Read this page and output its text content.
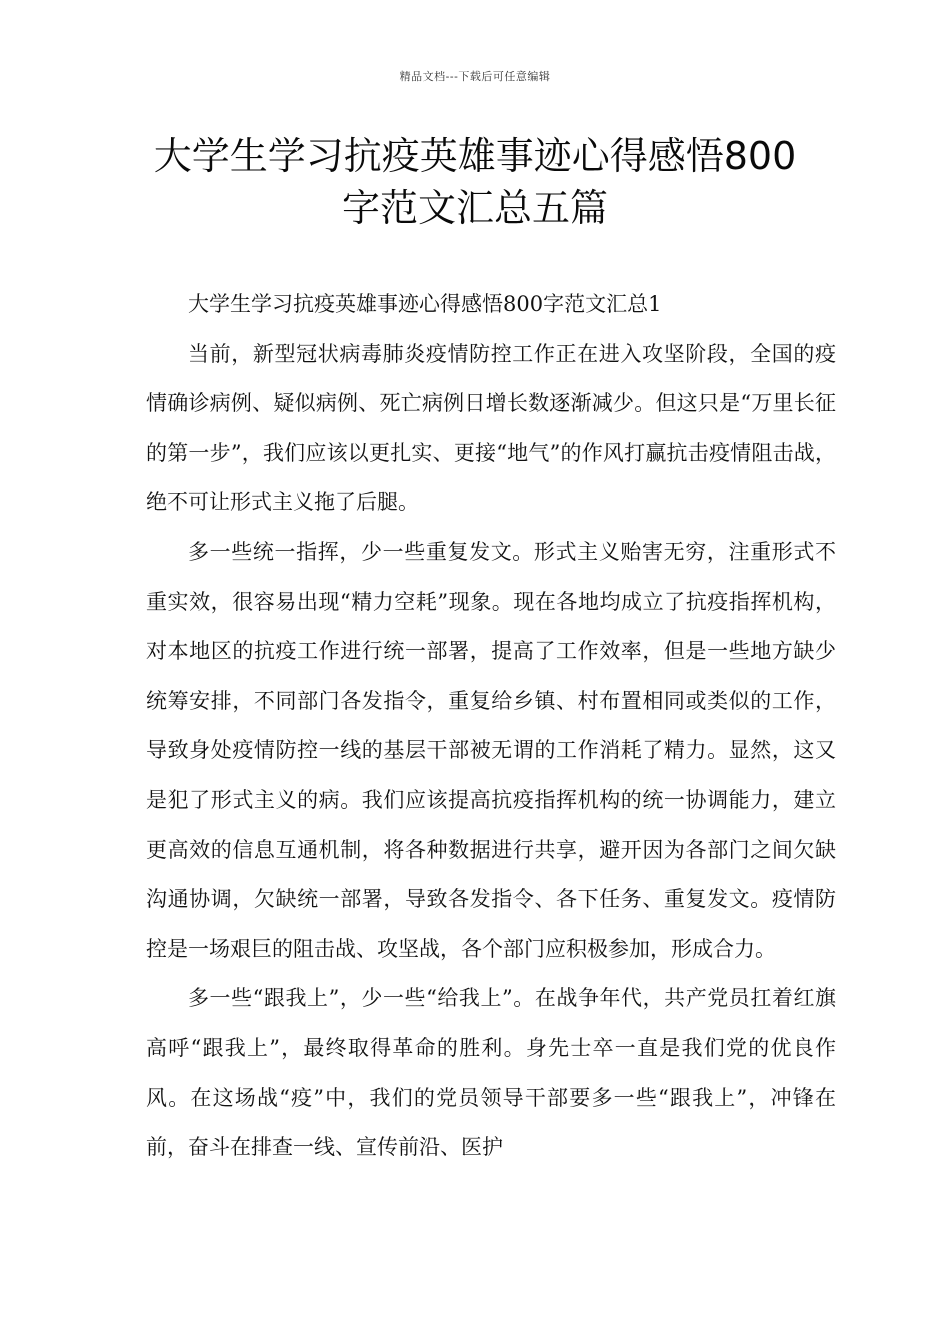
精品文档---下载后可任意编辑
大学生学习抗疫英雄事迹心得感悟800
字范文汇总五篇

大学生学习抗疫英雄事迹心得感悟800字范文汇总1

当前，新型冠状病毒肺炎疫情防控工作正在进入攻坚阶段，全国的疫情确诊病例、疑似病例、死亡病例日增长数逐渐减少。但这只是“万里长征的第一步”，我们应该以更扎实、更接“地气”的作风打赢抗击疫情阻击战，绝不可让形式主义拖了后腿。

多一些统一指挥，少一些重复发文。形式主义贻害无穷，注重形式不重实效，很容易出现“精力空耗”现象。现在各地均成立了抗疫指挥机构，对本地区的抗疫工作进行统一部署，提高了工作效率，但是一些地方缺少统筹安排，不同部门各发指令，重复给乡镇、村布置相同或类似的工作，导致身处疫情防控一线的基层干部被无谓的工作消耗了精力。显然，这又是犯了形式主义的病。我们应该提高抗疫指挥机构的统一协调能力，建立更高效的信息互通机制，将各种数据进行共享，避开因为各部门之间欠缺沟通协调，欠缺统一部署，导致各发指令、各下任务、重复发文。疫情防控是一场艰巨的阻击战、攻坚战，各个部门应积极参加，形成合力。

多一些“跟我上”，少一些“给我上”。在战争年代，共产党员扛着红旗高呼“跟我上”，最终取得革命的胜利。身先士卒一直是我们党的优良作风。在这场战“疫”中，我们的党员领导干部要多一些“跟我上”，冲锋在前，奋斗在排查一线、宣传前沿、医护
